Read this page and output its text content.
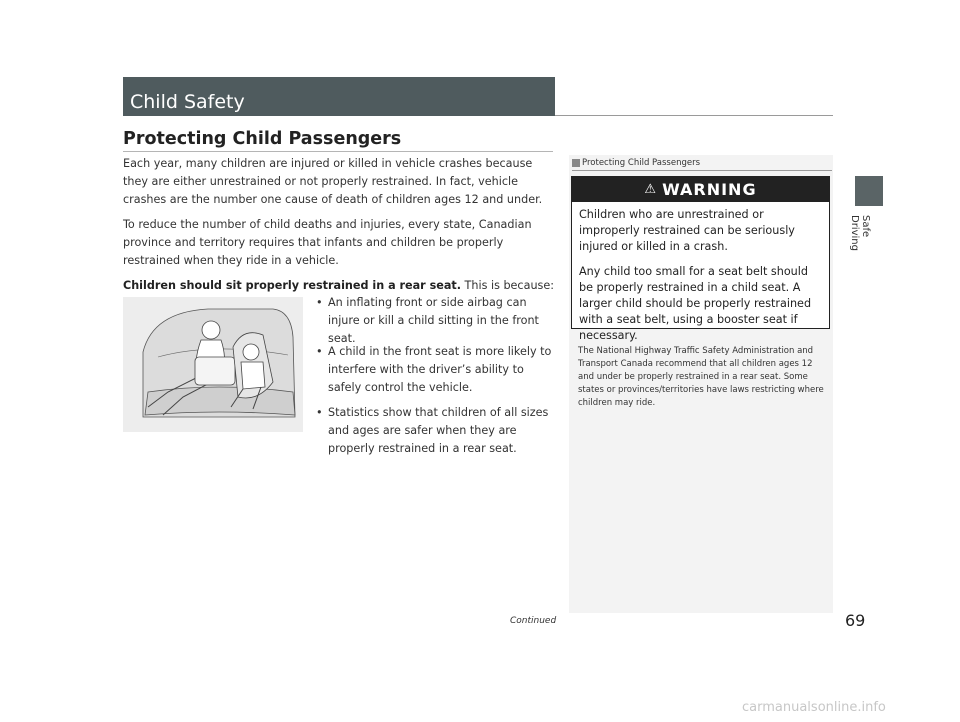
Child Safety
Protecting Child Passengers

Each year, many children are injured or killed in vehicle crashes because they are either unrestrained or not properly restrained. In fact, vehicle crashes are the number one cause of death of children ages 12 and under.

To reduce the number of child deaths and injuries, every state, Canadian province and territory requires that infants and children be properly restrained when they ride in a vehicle.

Children should sit properly restrained in a rear seat. This is because:

• An inflating front or side airbag can injure or kill a child sitting in the front seat.
• A child in the front seat is more likely to interfere with the driver’s ability to safely control the vehicle.
• Statistics show that children of all sizes and ages are safer when they are properly restrained in a rear seat.
Safe Driving
Protecting Child Passengers
⚠ WARNING

Children who are unrestrained or improperly restrained can be seriously injured or killed in a crash.

Any child too small for a seat belt should be properly restrained in a child seat. A larger child should be properly restrained with a seat belt, using a booster seat if necessary.

The National Highway Traffic Safety Administration and Transport Canada recommend that all children ages 12 and under be properly restrained in a rear seat. Some states or provinces/territories have laws restricting where children may ride.

Continued	69
carmanualsonline.info
